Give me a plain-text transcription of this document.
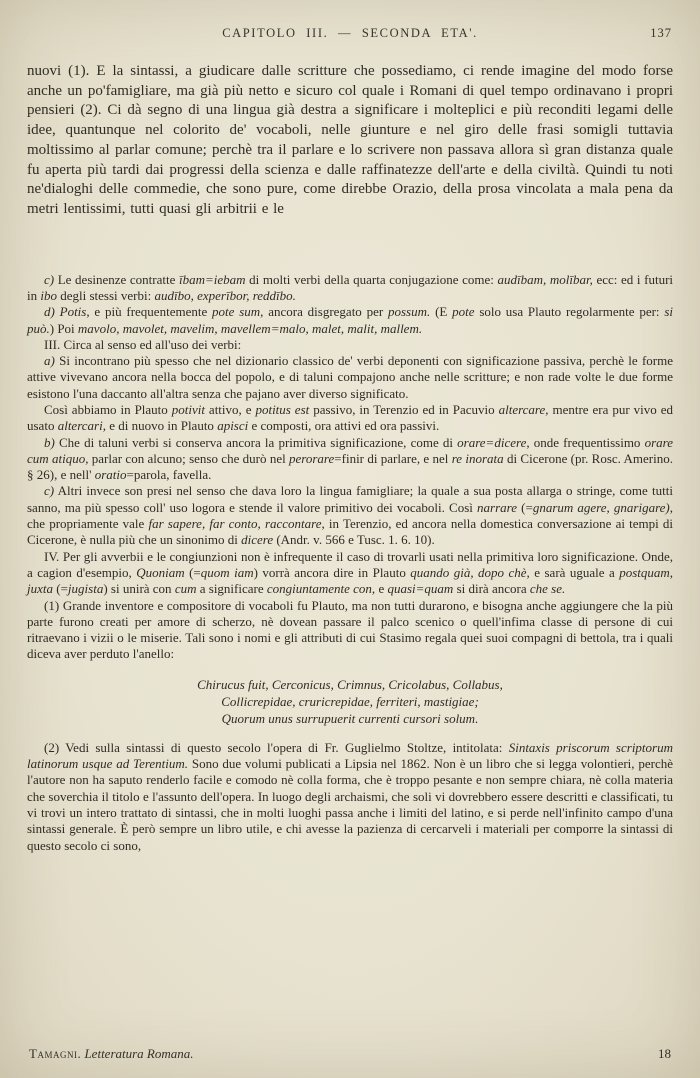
CAPITOLO III. — SECONDA ETA'.	137

nuovi (1). E la sintassi, a giudicare dalle scritture che possediamo, ci rende imagine del modo forse anche un po'famigliare, ma già più netto e sicuro col quale i Romani di quel tempo ordinavano i propri pensieri (2). Ci dà segno di una lingua già destra a significare i molteplici e più reconditi legami delle idee, quantunque nel colorito de' vocaboli, nelle giunture e nel giro delle frasi somigli tuttavia moltissimo al parlar comune; perchè tra il parlare e lo scrivere non passava allora sì gran distanza quale fu aperta più tardi dai progressi della scienza e dalle raffinatezze dell'arte e della civiltà. Quindi tu noti ne'dialoghi delle commedie, che sono pure, come direbbe Orazio, della prosa vincolata a mala pena da metri lentissimi, tutti quasi gli arbitrii e le

c) Le desinenze contratte ībam=iebam di molti verbi della quarta conjugazione come: audībam, molībar, ecc: ed i futuri in ibo degli stessi verbi: audībo, experībor, reddībo.

d) Potis, e più frequentemente pote sum, ancora disgregato per possum. (E pote solo usa Plauto regolarmente per: si può.) Poi mavolo, mavolet, mavelim, mavellem=malo, malet, malit, mallem.

III. Circa al senso ed all'uso dei verbi:

a) Si incontrano più spesso che nel dizionario classico de' verbi deponenti con significazione passiva, perchè le forme attive vivevano ancora nella bocca del popolo, e di taluni compajono anche nelle scritture; e non rade volte le due forme esistono l'una daccanto all'altra senza che pajano aver diverso significato.

Così abbiamo in Plauto potivit attivo, e potitus est passivo, in Terenzio ed in Pacuvio altercare, mentre era pur vivo ed usato altercari, e di nuovo in Plauto apisci e composti, ora attivi ed ora passivi.

b) Che di taluni verbi si conserva ancora la primitiva significazione, come di orare=dicere, onde frequentissimo orare cum atiquo, parlar con alcuno; senso che durò nel perorare=finir di parlare, e nel re inorata di Cicerone (pr. Rosc. Amerino. § 26), e nell' oratio=parola, favella.

c) Altri invece son presi nel senso che dava loro la lingua famigliare; la quale a sua posta allarga o stringe, come tutti sanno, ma più spesso coll' uso logora e stende il valore primitivo dei vocaboli. Così narrare (=gnarum agere, gnarigare), che propriamente vale far sapere, far conto, raccontare, in Terenzio, ed ancora nella domestica conversazione ai tempi di Cicerone, è nulla più che un sinonimo di dicere (Andr. v. 566 e Tusc. 1. 6. 10).

IV. Per gli avverbii e le congiunzioni non è infrequente il caso di trovarli usati nella primitiva loro significazione. Onde, a cagion d'esempio, Quoniam (=quom iam) vorrà ancora dire in Plauto quando già, dopo chè, e sarà uguale a postquam, juxta (=jugista) si unirà con cum a significare congiuntamente con, e quasi=quam si dirà ancora che se.

(1) Grande inventore e compositore di vocaboli fu Plauto, ma non tutti durarono, e bisogna anche aggiungere che la più parte furono creati per amore di scherzo, nè dovean passare il palco scenico o quell'infima classe di persone di cui ritraevano i vizii o le miserie. Tali sono i nomi e gli attributi di cui Stasimo regala quei suoi compagni di bettola, tra i quali diceva aver perduto l'anello:

Chirucus fuit, Cerconicus, Crimnus, Cricolabus, Collabus,
Collicrepidae, cruricrepidae, ferriteri, mastigiae;
Quorum unus surrupuerit currenti cursori solum.

(2) Vedi sulla sintassi di questo secolo l'opera di Fr. Guglielmo Stoltze, intitolata: Sintaxis priscorum scriptorum latinorum usque ad Terentium. Sono due volumi publicati a Lipsia nel 1862. Non è un libro che si legga volontieri, perchè l'autore non ha saputo renderlo facile e comodo nè colla forma, che è troppo pesante e non sempre chiara, nè colla materia che soverchia il titolo e l'assunto dell'opera. In luogo degli archaismi, che soli vi dovrebbero essere descritti e classificati, tu vi trovi un intero trattato di sintassi, che in molti luoghi passa anche i limiti del latino, e si perde nell'infinito campo d'una sintassi generale. È però sempre un libro utile, e chi avesse la pazienza di cercarveli i materiali per comporre la sintassi di questo secolo ci sono,

Tamagni. Letteratura Romana.	18
